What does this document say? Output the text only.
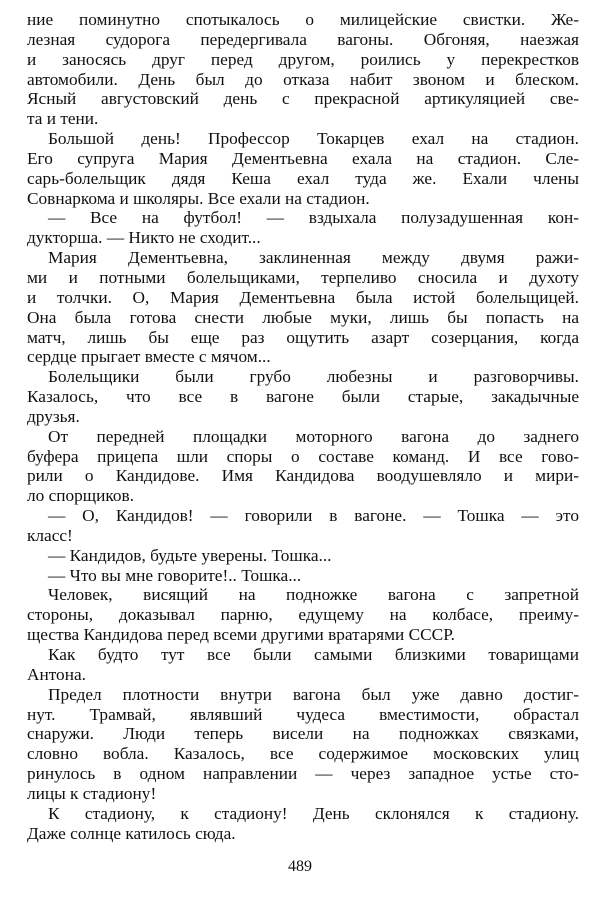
ние поминутно спотыкалось о милицейские свистки. Же-
лезная судорога передергивала вагоны. Обгоняя, наезжая
и заносясь друг перед другом, роились у перекрестков
автомобили. День был до отказа набит звоном и блеском.
Ясный августовский день с прекрасной артикуляцией све-
та и тени.
Большой день! Профессор Токарцев ехал на стадион.
Его супруга Мария Дементьевна ехала на стадион. Сле-
сарь-болельщик дядя Кеша ехал туда же. Ехали члены
Совнаркома и школяры. Все ехали на стадион.
— Все на футбол! — вздыхала полузадушенная кон-
дукторша. — Никто не сходит...
Мария Дементьевна, заклиненная между двумя ражи-
ми и потными болельщиками, терпеливо сносила и духоту
и толчки. О, Мария Дементьевна была истой болельщицей.
Она была готова снести любые муки, лишь бы попасть на
матч, лишь бы еще раз ощутить азарт созерцания, когда
сердце прыгает вместе с мячом...
Болельщики были грубо любезны и разговорчивы.
Казалось, что все в вагоне были старые, закадычные
друзья.
От передней площадки моторного вагона до заднего
буфера прицепа шли споры о составе команд. И все гово-
рили о Кандидове. Имя Кандидова воодушевляло и мири-
ло спорщиков.
— О, Кандидов! — говорили в вагоне. — Тошка — это
класс!
— Кандидов, будьте уверены. Тошка...
— Что вы мне говорите!.. Тошка...
Человек, висящий на подножке вагона с запретной
стороны, доказывал парню, едущему на колбасе, преиму-
щества Кандидова перед всеми другими вратарями СССР.
Как будто тут все были самыми близкими товарищами
Антона.
Предел плотности внутри вагона был уже давно достиг-
нут. Трамвай, являвший чудеса вместимости, обрастал
снаружи. Люди теперь висели на подножках связками,
словно вобла. Казалось, все содержимое московских улиц
ринулось в одном направлении — через западное устье сто-
лицы к стадиону!
К стадиону, к стадиону! День склонялся к стадиону.
Даже солнце катилось сюда.
489
